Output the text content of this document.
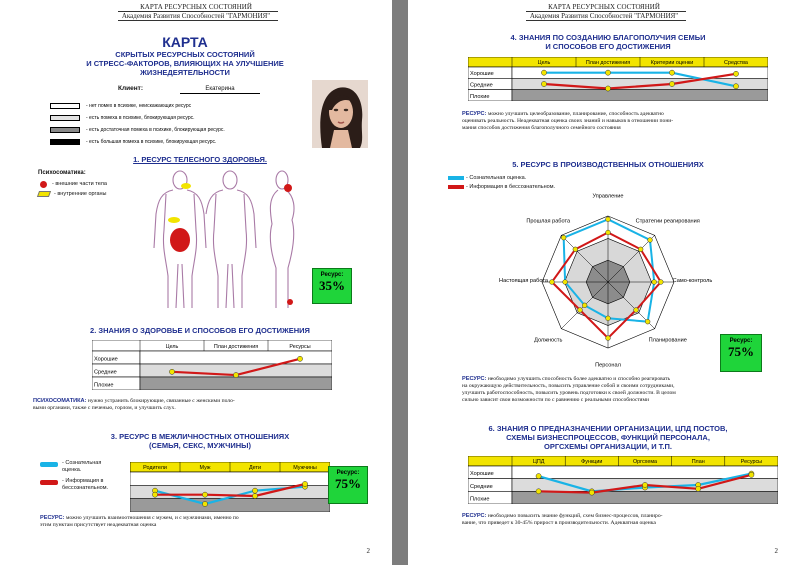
КАРТА РЕСУРСНЫХ СОСТОЯНИЙ
Академия Развития Способностей "ГАРМОНИЯ"
КАРТА
СКРЫТЫХ РЕСУРСНЫХ СОСТОЯНИЙ
И СТРЕСС-ФАКТОРОВ, ВЛИЯЮЩИХ НА УЛУЧШЕНИЕ
ЖИЗНЕДЕЯТЕЛЬНОСТИ
Клиент:	Екатерина
- нет помех в психике, неискажающих ресурс
- есть помеха в психике, блокирующая ресурс.
- есть достаточная помеха в психике, блокирующая ресурс.
- есть большая помеха в психике, блокирующая ресурс.
1. РЕСУРС ТЕЛЕСНОГО ЗДОРОВЬЯ.
Психосоматика:
- внешние части тела
- внутренние органы
Ресурс:
35%
2. ЗНАНИЯ О ЗДОРОВЬЕ И СПОСОБОВ ЕГО ДОСТИЖЕНИЯ
Хорошие
Средние
Плохие
Цель	План достижения	Ресурсы
ПСИХОСОМАТИКА: нужно устранить блокирующие, связанные с женскими поло-
выми органами, также с печенью, горлом, и улучшить слух.
3. РЕСУРС В МЕЖЛИЧНОСТНЫХ ОТНОШЕНИЯХ
(СЕМЬЯ, СЕКС, МУЖЧИНЫ)
- Сознательная оценка.
- Информация в бессознательном.
Родители	Муж	Дети	Мужчины
Ресурс:
75%
РЕСУРС: можно улучшить взаимоотношения с мужем, и с мужчинами, именно по
этим пунктам присутствует неадекватная оценка
2
КАРТА РЕСУРСНЫХ СОСТОЯНИЙ
Академия Развития Способностей "ГАРМОНИЯ"
4. ЗНАНИЯ ПО СОЗДАНИЮ БЛАГОПОЛУЧИЯ СЕМЬИ
И СПОСОБОВ ЕГО ДОСТИЖЕНИЯ
Хорошие
Средние
Плохие
Цель	План достижения	Критерии оценки	Средства
РЕСУРС: можно улучшить целеобразование, планирование, способность адекватно
оценивать реальность. Неадекватная оценка своих знаний и навыков в отношении пони-
мания способов достижения благополучного семейного состояния
5. РЕСУРС В ПРОИЗВОДСТВЕННЫХ ОТНОШЕНИЯХ
- Сознательная оценка.
- Информация в бессознательном.
Управление
Стратегии реагирования
Само-контроль
Планирование
Персонал
Должность
Настоящая работа
Прошлая работа
Ресурс:
75%
РЕСУРС: необходимо улучшить способность более адекватно и способно реагировать
на окружающую действительность, повысить управление собой и своими сотрудниками,
улучшить работоспособность, повысить уровень подготовки к своей должности. В целом
сильно зависит свои возможности по с равнению с реальными способностями
6. ЗНАНИЯ О ПРЕДНАЗНАЧЕНИИ ОРГАНИЗАЦИИ, ЦПД ПОСТОВ,
СХЕМЫ БИЗНЕСПРОЦЕССОВ, ФУНКЦИЙ ПЕРСОНАЛА,
ОРГСХЕМЫ ОРГАНИЗАЦИИ, И Т.П.
Хорошие
Средние
Плохие
ЦПД	Функции	Оргсхема	План	Ресурсы
РЕСУРС: необходимо повысить знание функций, схем бизнес-процессов, планиро-
вание, что приведет к 30-45% прирост в производительности. Адекватная оценка
2
